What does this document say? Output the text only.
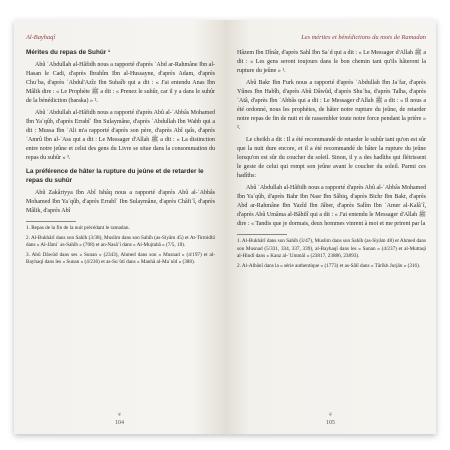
Al-Bayhaqî
Mérites du repas de Suhûr ¹

Abû ʿAbdullah al-Hâfidh nous a rapporté d'après ʿAbd ar-Rahmâne Ibn al-Hasan le Cadi, d'après Ibrahîm Ibn al-Hussayne, d'après Adam, d'après Chuʿba, d'après ʿAbdul'Azîz Ibn Suhaîb qui a dit : « J'ai entendu Anas Ibn Mâlik dire : « Le Prophète ﷺ a dit : « Prenez le suhûr, car il y a dans le suhûr de la bénédiction (baraka) » ².

Abû ʿAbdullah al-Hâfidh nous a rapporté d'après Abû al-ʿAbbâs Mohamed Ibn Yaʿqûb, d'après Errabîʿ Ibn Sulaymâne, d'après ʿAbdullah Ibn Wahb qui a dit : Mussa Ibn ʿAli m'a rapporté d'après son père, d'après Abî qaîs, d'après ʿAmrû Ibn al-ʿAss qui a dit : Le Messager d'Allah ﷺ a dit : « La distinction entre notre jeûne et celui des gens du Livre se situe dans la consommation du repas du suhûr » ³.

La préférence de hâter la rupture du jeûne et de retarder le repas du suhûr

Abû Zakâriyya Ibn Abî Ishâq nous a rapporté d'après Abû al-ʿAbbâs Mohamed Ibn Yaʿqûb, d'après Errabîʿ Ibn Sulaymâne, d'après Châfiʿî, d'après Mâlik, d'après Abî

1. Repas de la fin de la nuit précédant le ramadan.

2. Al-Bukhârî dans son Sahîh (3/38), Muslim dans son Sahîh (as-Siyâm 45) et At-Tirmidhî dans « Al-Jâmiʿ as-Sahîh » (708) et an-Nasâʾî dans « Al-Mujtabâ » (7/5, 18).

3. Abû Dâwûd dans ses « Sunan » (2343), Ahmed dans son « Musnad » (4/197) et al-Bayhaqî dans les « Sunan » (4/236) et as-Suʿûtî dans « Manhâ al-Maʿnîd » (388).

❦
104
Les mérites et bénédictions du mois de Ramadan

Hâzem Ibn Dînâr, d'après Sahl Ibn Saʿd qui a dit : « Le Messager d'Allah ﷺ a dit : « Les gens seront toujours dans le bon chemin tant qu'ils hâteront la rupture du jeûne » ¹.

Abû Bakr Ibn Furk nous a rapporté d'après ʿAbdullah Ibn Jaʿfar, d'après Yûnes Ibn Habîb, d'après Abû Dâwûd, d'après Shuʿba, d'après Talha, d'après ʿAtâ, d'après Ibn ʿAbbâs qui a dit : Le Messager d'Allah ﷺ a dit : « Il nous a été ordonné, nous les prophètes, de hâter notre rupture du jeûne, de retarder notre repas de fin de nuit et de rassembler toute notre force pendant la prière » ².

Le cheikh a dit : Il a été recommandé de retarder le suhûr tant qu'on est sûr que la nuit dure encore, et il a été recommandé de hâter la rupture du jeûne lorsqu'on est sûr du coucher du soleil. Sinon, il y a des hadîths qui flétrissent le geste de celui qui rompt son jeûne avant le coucher du soleil. Parmi ces hadîths:

Abû ʿAbdullah al-Hâfidh nous a rapporté d'après Abû al-ʿAbbâs Mohamed Ibn Yaʿqûb, d'après Bahr Ibn Nasr Ibn Sâbiq, d'après Bichr Ibn Bakr, d'après Abd ar-Rahmâne Ibn Yazîd Ibn Jâber, d'après Salîm Ibn ʿAmer al-Kalâʿî, d'après Abû Umâma al-Bâhilî qui a dit : « J'ai entendu le Messager d'Allah ﷺ dire : « Tandis que je dormais, deux hommes vinrent à moi et me prirent par la

1. Al-Bukhârî dans son Sahîh (3/47), Muslim dans son Sahîh (as-Siyâm 48) et Ahmed dans son Musnad (5/331, 334, 337, 339), al-Bayhaqî dans les « Sunan » (4/237) et al-Muttaqî al-Hindî dans « Kanz al-ʿUmmâl » (23817, 23886, 23893).

2. Al-Albânî dans la « série authentique » (1773) et as-Sâlî dans « Târîkh Jurjân » (316).

❦
105
